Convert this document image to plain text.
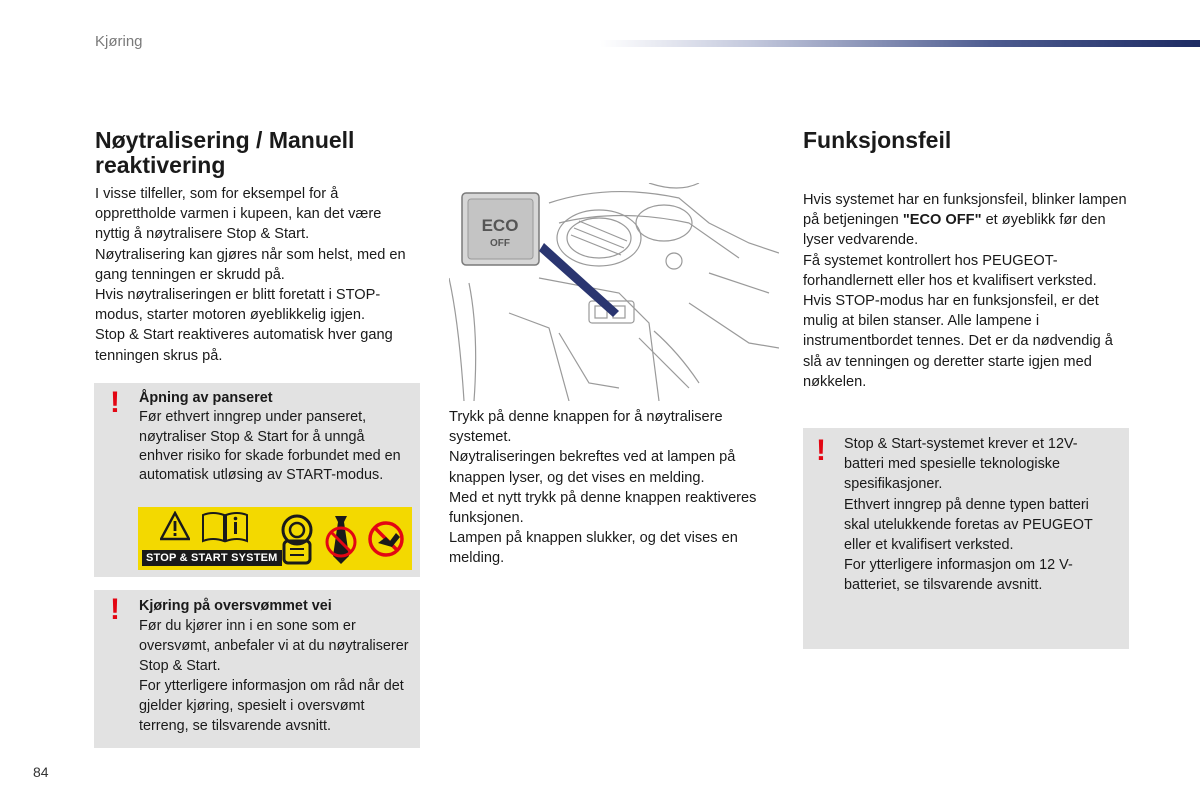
Kjøring
Nøytralisering / Manuell reaktivering

I visse tilfeller, som for eksempel for å opprettholde varmen i kupeen, kan det være nyttig å nøytralisere Stop & Start.

Nøytralisering kan gjøres når som helst, med en gang tenningen er skrudd på.

Hvis nøytraliseringen er blitt foretatt i STOP-modus, starter motoren øyeblikkelig igjen.

Stop & Start reaktiveres automatisk hver gang tenningen skrus på.

! Åpning av panseret

Før ethvert inngrep under panseret, nøytraliser Stop & Start for å unngå enhver risiko for skade forbundet med en automatisk utløsing av START-modus.

STOP & START SYSTEM
! Kjøring på oversvømmet vei

Før du kjører inn i en sone som er oversvømt, anbefaler vi at du nøytraliserer Stop & Start.

For ytterligere informasjon om råd når det gjelder kjøring, spesielt i oversvømt terreng, se tilsvarende avsnitt.

ECO
OFF

Trykk på denne knappen for å nøytralisere systemet.

Nøytraliseringen bekreftes ved at lampen på knappen lyser, og det vises en melding.

Med et nytt trykk på denne knappen reaktiveres funksjonen.

Lampen på knappen slukker, og det vises en melding.

Funksjonsfeil

Hvis systemet har en funksjonsfeil, blinker lampen på betjeningen "ECO OFF" et øyeblikk før den lyser vedvarende.

Få systemet kontrollert hos PEUGEOT-forhandlernett eller hos et kvalifisert verksted.

Hvis STOP-modus har en funksjonsfeil, er det mulig at bilen stanser. Alle lampene i instrumentbordet tennes. Det er da nødvendig å slå av tenningen og deretter starte igjen med nøkkelen.

! Stop & Start-systemet krever et 12V-batteri med spesielle teknologiske spesifikasjoner.

Ethvert inngrep på denne typen batteri skal utelukkende foretas av PEUGEOT eller et kvalifisert verksted.

For ytterligere informasjon om 12 V-batteriet, se tilsvarende avsnitt.

84
